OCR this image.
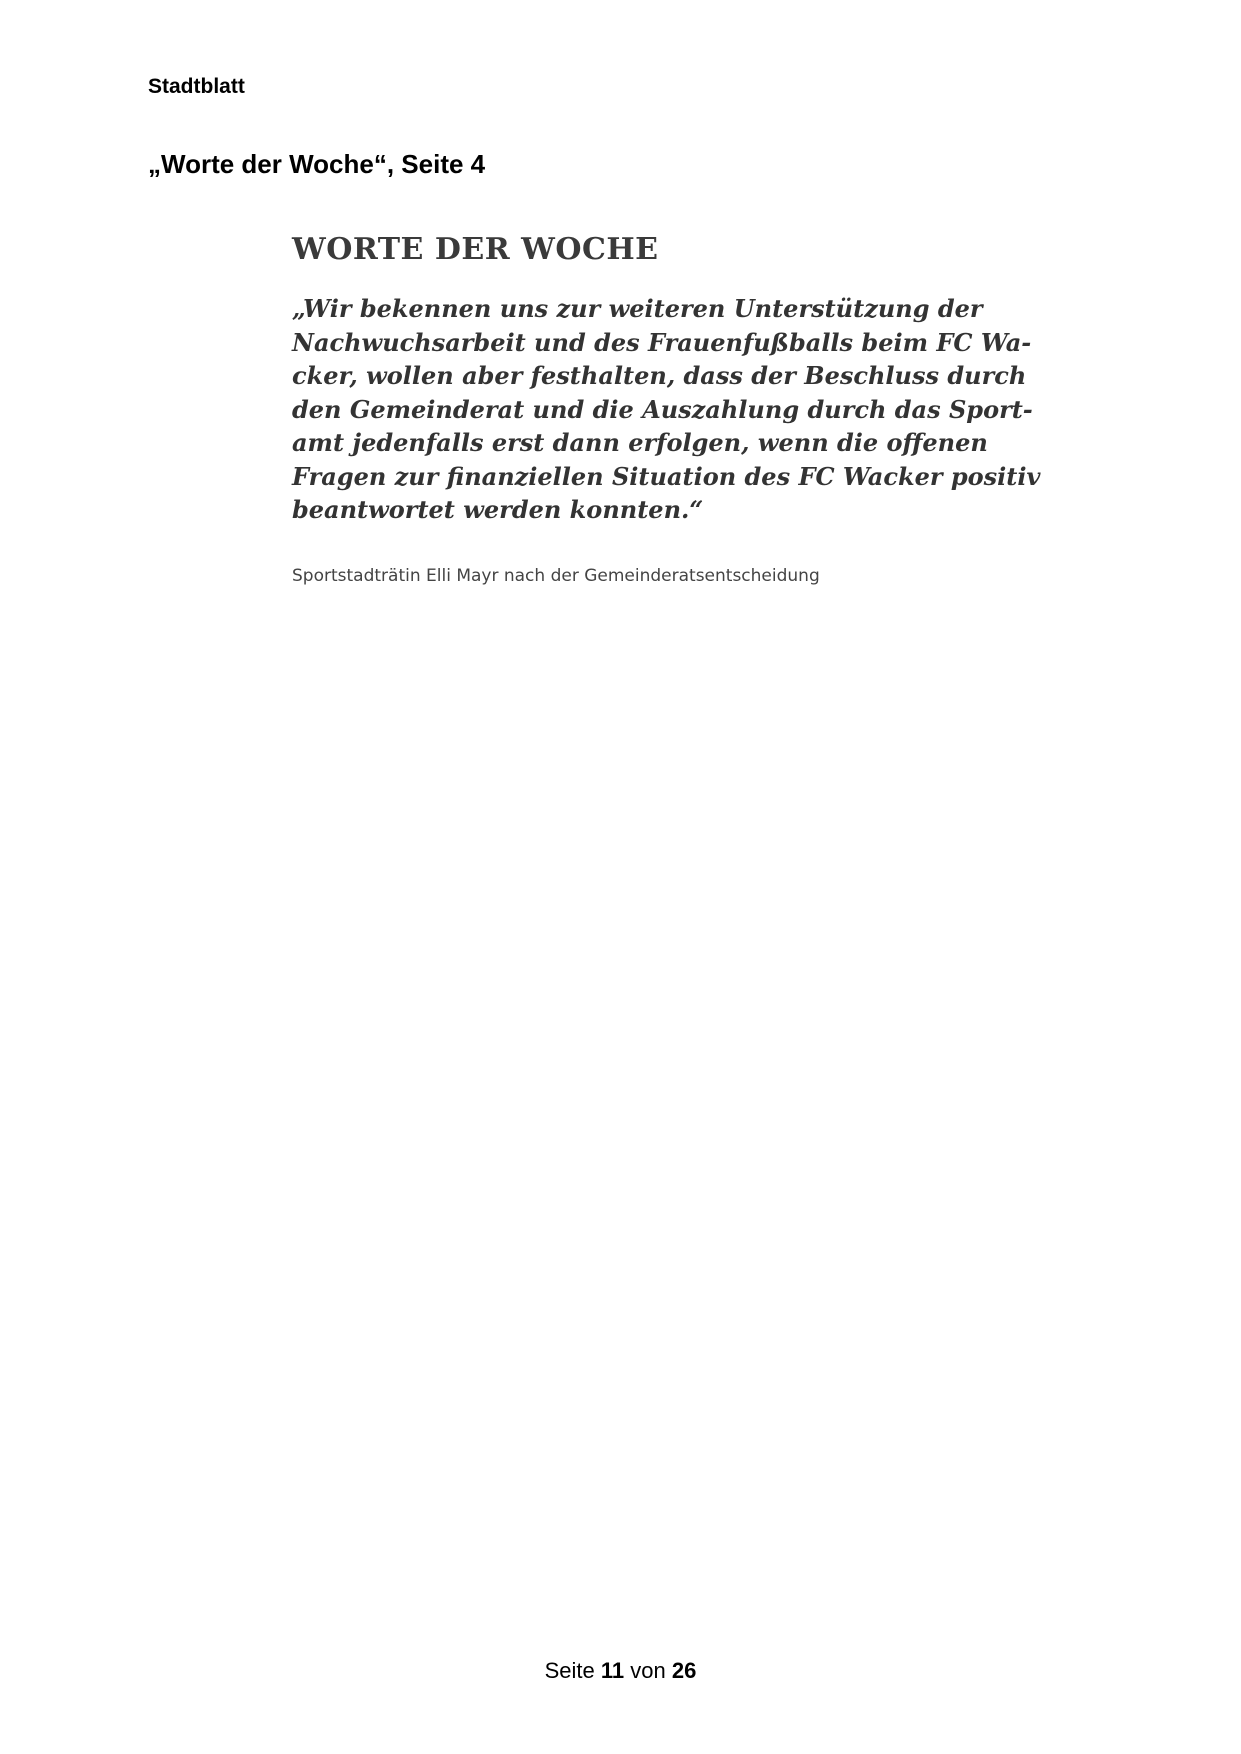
Stadtblatt

„Worte der Woche“, Seite 4
WORTE DER WOCHE

„Wir bekennen uns zur weiteren Unterstützung der
Nachwuchsarbeit und des Frauenfußballs beim FC Wa-
cker, wollen aber festhalten, dass der Beschluss durch
den Gemeinderat und die Auszahlung durch das Sport-
amt jedenfalls erst dann erfolgen, wenn die offenen
Fragen zur finanziellen Situation des FC Wacker positiv
beantwortet werden konnten.“

Sportstadträtin Elli Mayr nach der Gemeinderatsentscheidung

Seite 11 von 26
